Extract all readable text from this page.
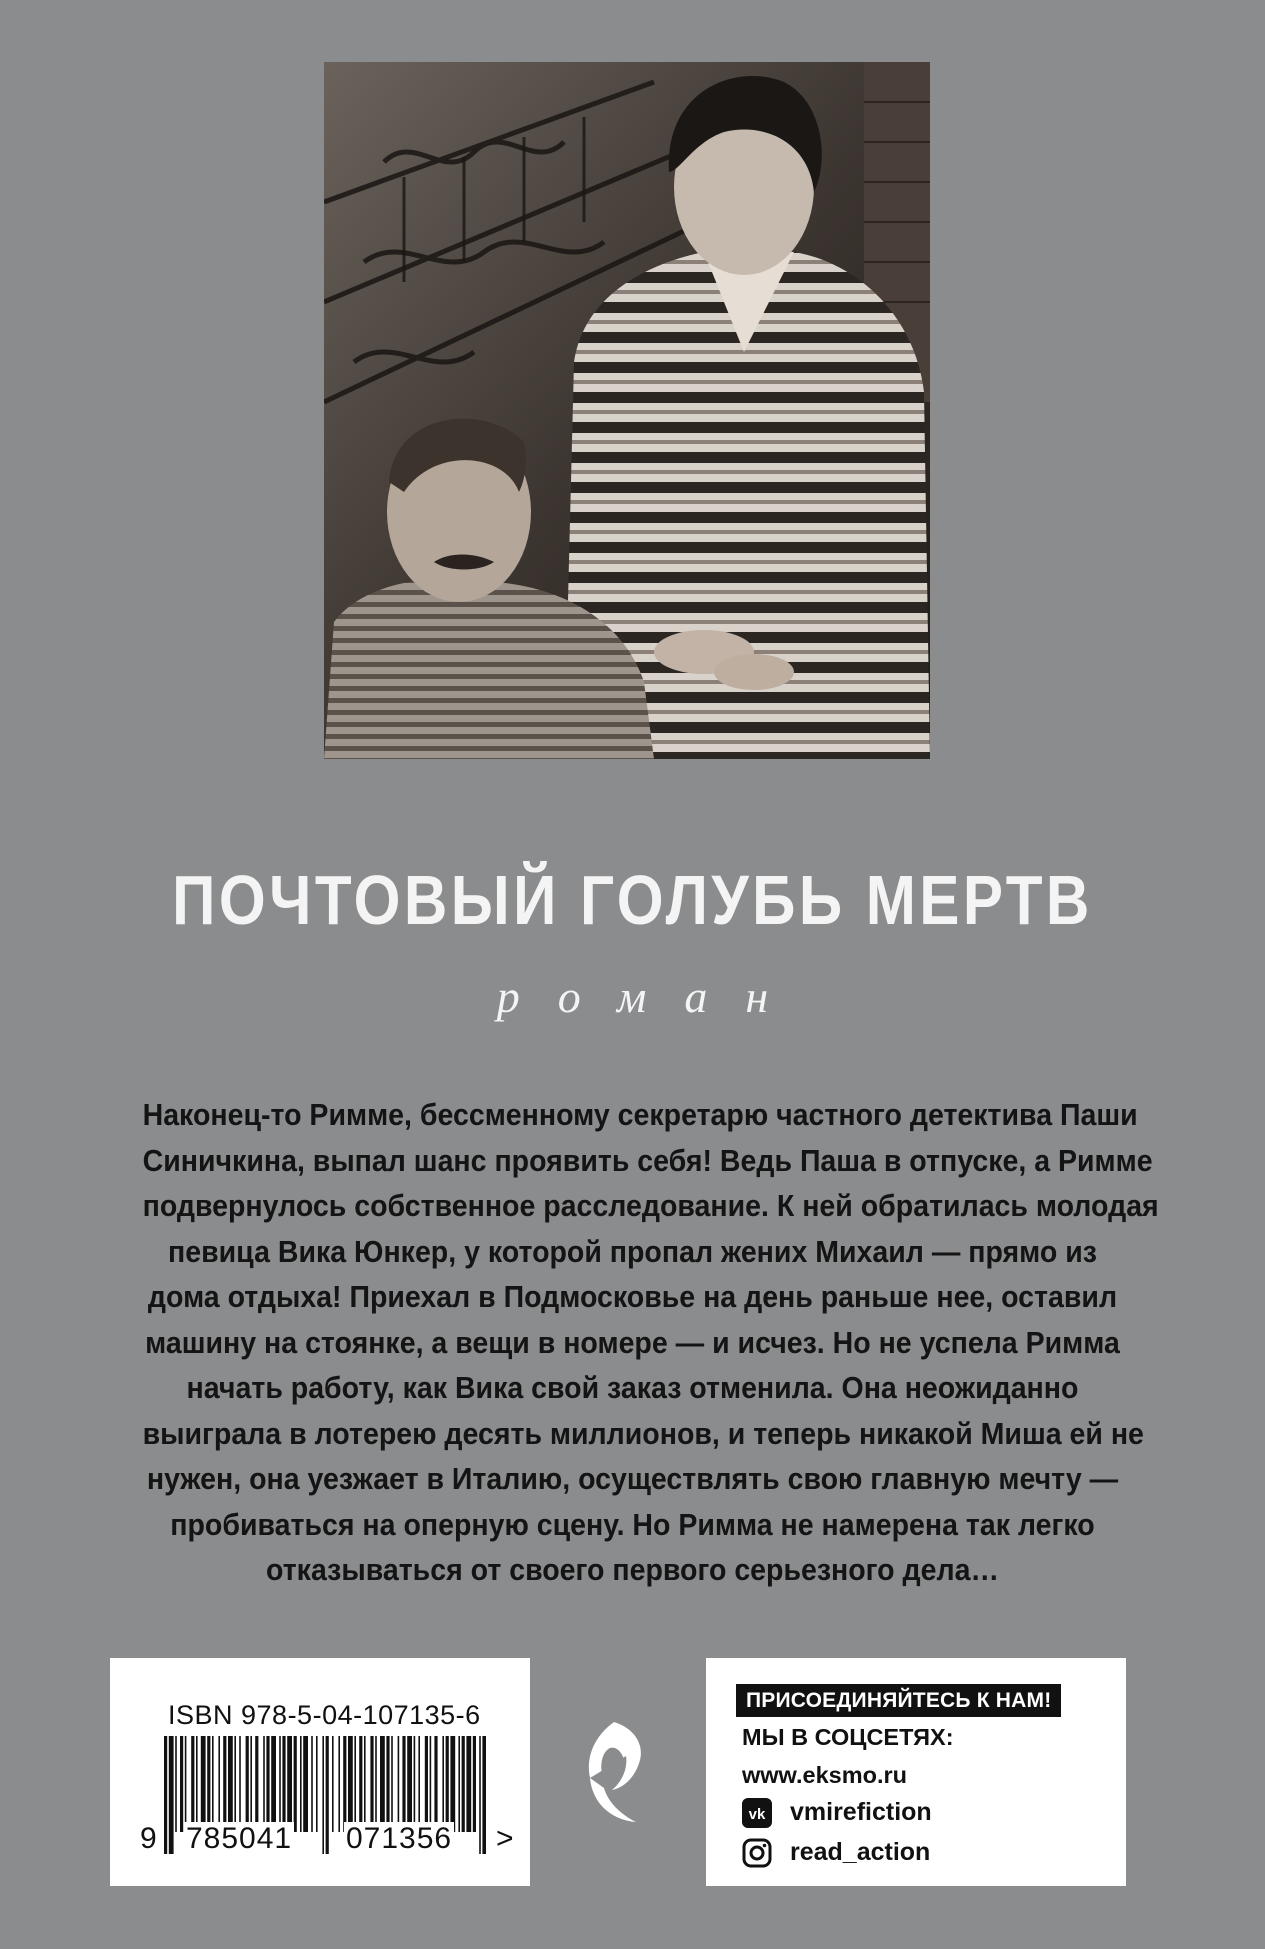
ПОЧТОВЫЙ ГОЛУБЬ МЕРТВ
роман
Наконец-то Римме, бессменному секретарю частного детектива Паши
Синичкина, выпал шанс проявить себя! Ведь Паша в отпуске, а Римме
подвернулось собственное расследование. К ней обратилась молодая
певица Вика Юнкер, у которой пропал жених Михаил — прямо из
дома отдыха! Приехал в Подмосковье на день раньше нее, оставил
машину на стоянке, а вещи в номере — и исчез. Но не успела Римма
начать работу, как Вика свой заказ отменила. Она неожиданно
выиграла в лотерею десять миллионов, и теперь никакой Миша ей не
нужен, она уезжает в Италию, осуществлять свою главную мечту —
пробиваться на оперную сцену. Но Римма не намерена так легко
отказываться от своего первого серьезного дела…
ISBN 978-5-04-107135-6
9 785041 071356 >
ПРИСОЕДИНЯЙТЕСЬ К НАМ!
МЫ В СОЦСЕТЯХ:
www.eksmo.ru
vk vmirefiction
read_action
